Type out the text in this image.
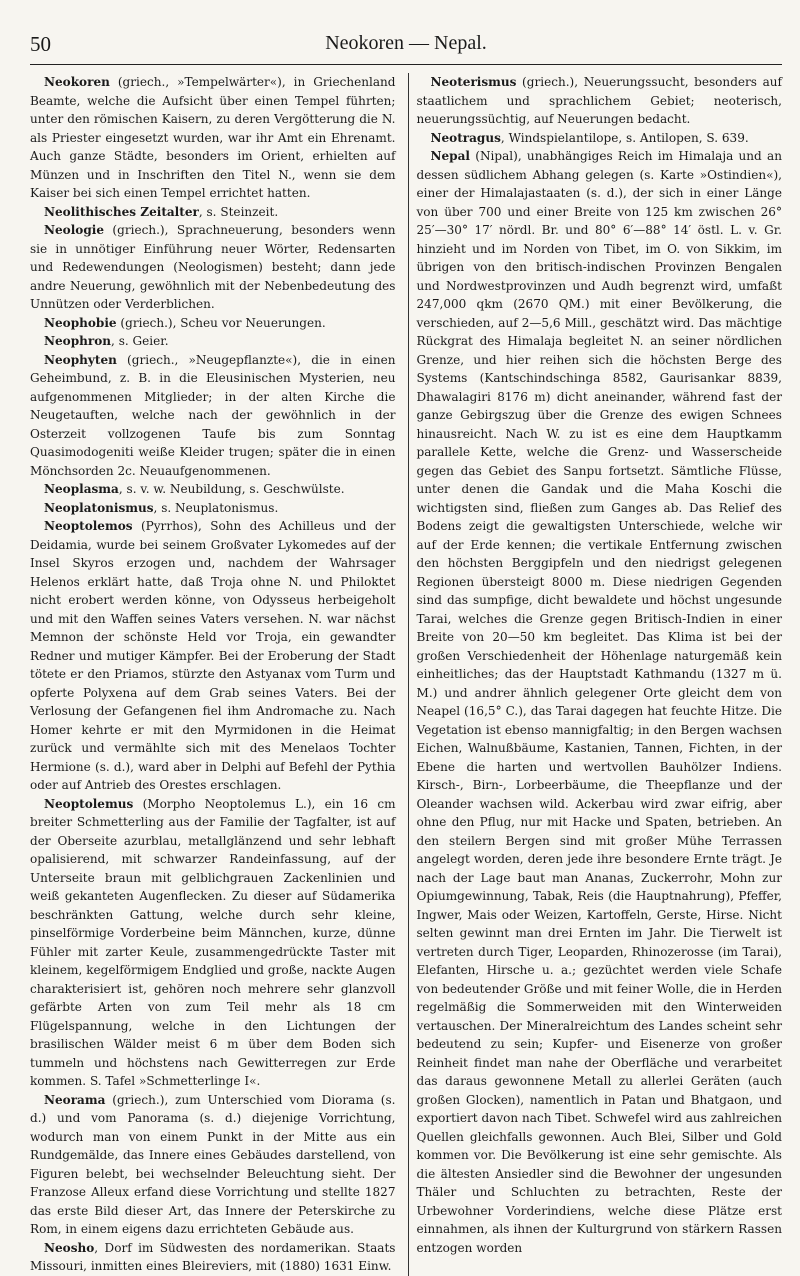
50	Neokoren — Nepal.

Neokoren (griech., »Tempelwärter«), in Griechenland Beamte, welche die Aufsicht über einen Tempel führten; unter den römischen Kaisern, zu deren Vergötterung die N. als Priester eingesetzt wurden, war ihr Amt ein Ehrenamt. Auch ganze Städte, besonders im Orient, erhielten auf Münzen und in Inschriften den Titel N., wenn sie dem Kaiser bei sich einen Tempel errichtet hatten.

Neolithisches Zeitalter, s. Steinzeit.

Neologie (griech.), Sprachneuerung, besonders wenn sie in unnötiger Einführung neuer Wörter, Redensarten und Redewendungen (Neologismen) besteht; dann jede andre Neuerung, gewöhnlich mit der Nebenbedeutung des Unnützen oder Verderblichen.

Neophobie (griech.), Scheu vor Neuerungen.

Neophron, s. Geier.

Neophyten (griech., »Neugepflanzte«), die in einen Geheimbund, z. B. in die Eleusinischen Mysterien, neu aufgenommenen Mitglieder; in der alten Kirche die Neugetauften, welche nach der gewöhnlich in der Osterzeit vollzogenen Taufe bis zum Sonntag Quasimodogeniti weiße Kleider trugen; später die in einen Mönchsorden 2c. Neuaufgenommenen.

Neoplasma, s. v. w. Neubildung, s. Geschwülste.

Neoplatonismus, s. Neuplatonismus.

Neoptolemos (Pyrrhos), Sohn des Achilleus und der Deidamia, wurde bei seinem Großvater Lykomedes auf der Insel Skyros erzogen und, nachdem der Wahrsager Helenos erklärt hatte, daß Troja ohne N. und Philoktet nicht erobert werden könne, von Odysseus herbeigeholt und mit den Waffen seines Vaters versehen. N. war nächst Memnon der schönste Held vor Troja, ein gewandter Redner und mutiger Kämpfer. Bei der Eroberung der Stadt tötete er den Priamos, stürzte den Astyanax vom Turm und opferte Polyxena auf dem Grab seines Vaters. Bei der Verlosung der Gefangenen fiel ihm Andromache zu. Nach Homer kehrte er mit den Myrmidonen in die Heimat zurück und vermählte sich mit des Menelaos Tochter Hermione (s. d.), ward aber in Delphi auf Befehl der Pythia oder auf Antrieb des Orestes erschlagen.

Neoptolemus (Morpho Neoptolemus L.), ein 16 cm breiter Schmetterling aus der Familie der Tagfalter, ist auf der Oberseite azurblau, metallglänzend und sehr lebhaft opalisierend, mit schwarzer Randeinfassung, auf der Unterseite braun mit gelblichgrauen Zackenlinien und weiß gekanteten Augenflecken. Zu dieser auf Südamerika beschränkten Gattung, welche durch sehr kleine, pinselförmige Vorderbeine beim Männchen, kurze, dünne Fühler mit zarter Keule, zusammengedrückte Taster mit kleinem, kegelförmigem Endglied und große, nackte Augen charakterisiert ist, gehören noch mehrere sehr glanzvoll gefärbte Arten von zum Teil mehr als 18 cm Flügelspannung, welche in den Lichtungen der brasilischen Wälder meist 6 m über dem Boden sich tummeln und höchstens nach Gewitterregen zur Erde kommen. S. Tafel »Schmetterlinge I«.

Neorama (griech.), zum Unterschied vom Diorama (s. d.) und vom Panorama (s. d.) diejenige Vorrichtung, wodurch man von einem Punkt in der Mitte aus ein Rundgemälde, das Innere eines Gebäudes darstellend, von Figuren belebt, bei wechselnder Beleuchtung sieht. Der Franzose Alleux erfand diese Vorrichtung und stellte 1827 das erste Bild dieser Art, das Innere der Peterskirche zu Rom, in einem eigens dazu errichteten Gebäude aus.

Neosho, Dorf im Südwesten des nordamerikan. Staats Missouri, inmitten eines Bleireviers, mit (1880) 1631 Einw.

Neoterismus (griech.), Neuerungssucht, besonders auf staatlichem und sprachlichem Gebiet; neoterisch, neuerungssüchtig, auf Neuerungen bedacht.

Neotragus, Windspielantilope, s. Antilopen, S. 639.

Nepal (Nipal), unabhängiges Reich im Himalaja und an dessen südlichem Abhang gelegen (s. Karte »Ostindien«), einer der Himalajastaaten (s. d.), der sich in einer Länge von über 700 und einer Breite von 125 km zwischen 26° 25′—30° 17′ nördl. Br. und 80° 6′—88° 14′ östl. L. v. Gr. hinzieht und im Norden von Tibet, im O. von Sikkim, im übrigen von den britisch-indischen Provinzen Bengalen und Nordwestprovinzen und Audh begrenzt wird, umfaßt 247,000 qkm (2670 QM.) mit einer Bevölkerung, die verschieden, auf 2—5,6 Mill., geschätzt wird. Das mächtige Rückgrat des Himalaja begleitet N. an seiner nördlichen Grenze, und hier reihen sich die höchsten Berge des Systems (Kantschindschinga 8582, Gaurisankar 8839, Dhawalagiri 8176 m) dicht aneinander, während fast der ganze Gebirgszug über die Grenze des ewigen Schnees hinausreicht. Nach W. zu ist es eine dem Hauptkamm parallele Kette, welche die Grenz- und Wasserscheide gegen das Gebiet des Sanpu fortsetzt. Sämtliche Flüsse, unter denen die Gandak und die Maha Koschi die wichtigsten sind, fließen zum Ganges ab. Das Relief des Bodens zeigt die gewaltigsten Unterschiede, welche wir auf der Erde kennen; die vertikale Entfernung zwischen den höchsten Berggipfeln und den niedrigst gelegenen Regionen übersteigt 8000 m. Diese niedrigen Gegenden sind das sumpfige, dicht bewaldete und höchst ungesunde Tarai, welches die Grenze gegen Britisch-Indien in einer Breite von 20—50 km begleitet. Das Klima ist bei der großen Verschiedenheit der Höhenlage naturgemäß kein einheitliches; das der Hauptstadt Kathmandu (1327 m ü. M.) und andrer ähnlich gelegener Orte gleicht dem von Neapel (16,5° C.), das Tarai dagegen hat feuchte Hitze. Die Vegetation ist ebenso mannigfaltig; in den Bergen wachsen Eichen, Walnußbäume, Kastanien, Tannen, Fichten, in der Ebene die harten und wertvollen Bauhölzer Indiens. Kirsch-, Birn-, Lorbeerbäume, die Theepflanze und der Oleander wachsen wild. Ackerbau wird zwar eifrig, aber ohne den Pflug, nur mit Hacke und Spaten, betrieben. An den steilern Bergen sind mit großer Mühe Terrassen angelegt worden, deren jede ihre besondere Ernte trägt. Je nach der Lage baut man Ananas, Zuckerrohr, Mohn zur Opiumgewinnung, Tabak, Reis (die Hauptnahrung), Pfeffer, Ingwer, Mais oder Weizen, Kartoffeln, Gerste, Hirse. Nicht selten gewinnt man drei Ernten im Jahr. Die Tierwelt ist vertreten durch Tiger, Leoparden, Rhinozerosse (im Tarai), Elefanten, Hirsche u. a.; gezüchtet werden viele Schafe von bedeutender Größe und mit feiner Wolle, die in Herden regelmäßig die Sommerweiden mit den Winterweiden vertauschen. Der Mineralreichtum des Landes scheint sehr bedeutend zu sein; Kupfer- und Eisenerze von großer Reinheit findet man nahe der Oberfläche und verarbeitet das daraus gewonnene Metall zu allerlei Geräten (auch großen Glocken), namentlich in Patan und Bhatgaon, und exportiert davon nach Tibet. Schwefel wird aus zahlreichen Quellen gleichfalls gewonnen. Auch Blei, Silber und Gold kommen vor. Die Bevölkerung ist eine sehr gemischte. Als die ältesten Ansiedler sind die Bewohner der ungesunden Thäler und Schluchten zu betrachten, Reste der Urbewohner Vorderindiens, welche diese Plätze erst einnahmen, als ihnen der Kulturgrund von stärkern Rassen entzogen worden
